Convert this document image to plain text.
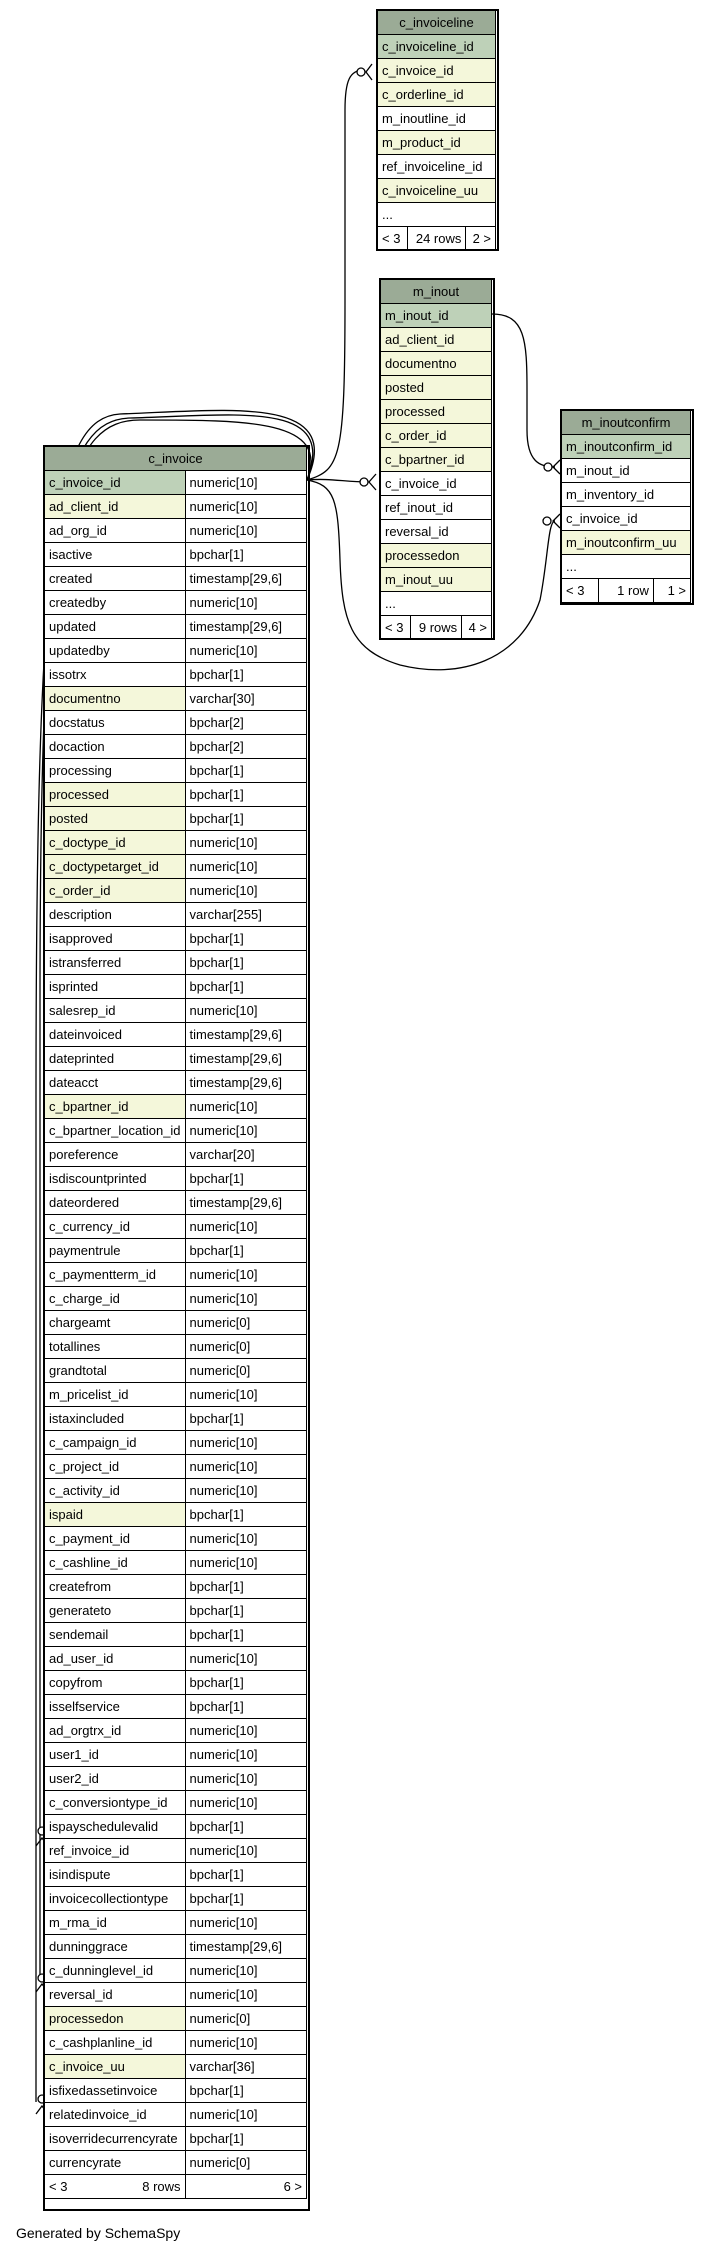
c_invoiceline
c_invoiceline_id
c_invoice_id
c_orderline_id
m_inoutline_id
m_product_id
ref_invoiceline_id
c_invoiceline_uu
...
< 3	24 rows	2 >
m_inout
m_inout_id
ad_client_id
documentno
posted
processed
c_order_id
c_bpartner_id
c_invoice_id
ref_inout_id
reversal_id
processedon
m_inout_uu
...
< 3	9 rows	4 >
m_inoutconfirm
m_inoutconfirm_id
m_inout_id
m_inventory_id
c_invoice_id
m_inoutconfirm_uu
...
< 3	1 row	1 >
c_invoice	
c_invoice_id	numeric[10]
ad_client_id	numeric[10]
ad_org_id	numeric[10]
isactive	bpchar[1]
created	timestamp[29,6]
createdby	numeric[10]
updated	timestamp[29,6]
updatedby	numeric[10]
issotrx	bpchar[1]
documentno	varchar[30]
docstatus	bpchar[2]
docaction	bpchar[2]
processing	bpchar[1]
processed	bpchar[1]
posted	bpchar[1]
c_doctype_id	numeric[10]
c_doctypetarget_id	numeric[10]
c_order_id	numeric[10]
description	varchar[255]
isapproved	bpchar[1]
istransferred	bpchar[1]
isprinted	bpchar[1]
salesrep_id	numeric[10]
dateinvoiced	timestamp[29,6]
dateprinted	timestamp[29,6]
dateacct	timestamp[29,6]
c_bpartner_id	numeric[10]
c_bpartner_location_id	numeric[10]
poreference	varchar[20]
isdiscountprinted	bpchar[1]
dateordered	timestamp[29,6]
c_currency_id	numeric[10]
paymentrule	bpchar[1]
c_paymentterm_id	numeric[10]
c_charge_id	numeric[10]
chargeamt	numeric[0]
totallines	numeric[0]
grandtotal	numeric[0]
m_pricelist_id	numeric[10]
istaxincluded	bpchar[1]
c_campaign_id	numeric[10]
c_project_id	numeric[10]
c_activity_id	numeric[10]
ispaid	bpchar[1]
c_payment_id	numeric[10]
c_cashline_id	numeric[10]
createfrom	bpchar[1]
generateto	bpchar[1]
sendemail	bpchar[1]
ad_user_id	numeric[10]
copyfrom	bpchar[1]
isselfservice	bpchar[1]
ad_orgtrx_id	numeric[10]
user1_id	numeric[10]
user2_id	numeric[10]
c_conversiontype_id	numeric[10]
ispayschedulevalid	bpchar[1]
ref_invoice_id	numeric[10]
isindispute	bpchar[1]
invoicecollectiontype	bpchar[1]
m_rma_id	numeric[10]
dunninggrace	timestamp[29,6]
c_dunninglevel_id	numeric[10]
reversal_id	numeric[10]
processedon	numeric[0]
c_cashplanline_id	numeric[10]
c_invoice_uu	varchar[36]
isfixedassetinvoice	bpchar[1]
relatedinvoice_id	numeric[10]
isoverridecurrencyrate	bpchar[1]
currencyrate	numeric[0]
< 3 8 rows	6 >
Generated by SchemaSpy
